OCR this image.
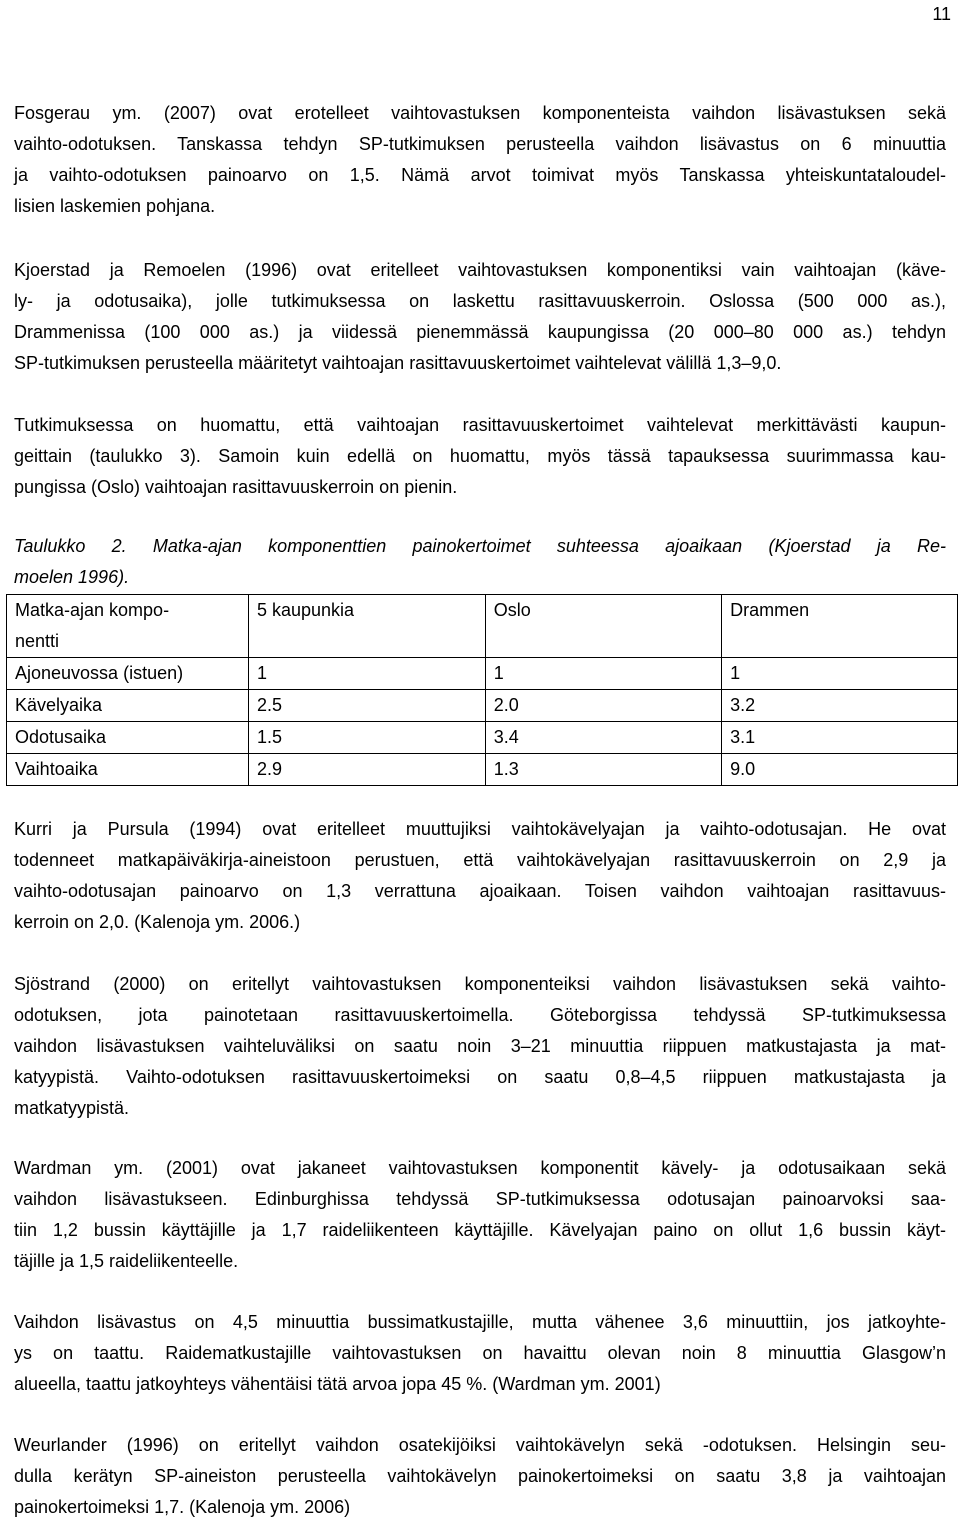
11

Fosgerau ym. (2007) ovat erotelleet vaihtovastuksen komponenteista vaihdon lisävastuksen sekä
vaihto-odotuksen. Tanskassa tehdyn SP-tutkimuksen perusteella vaihdon lisävastus on 6 minuuttia
ja vaihto-odotuksen painoarvo on 1,5. Nämä arvot toimivat myös Tanskassa yhteiskuntataloudel-
lisien laskemien pohjana.

Kjoerstad ja Remoelen (1996) ovat eritelleet vaihtovastuksen komponentiksi vain vaihtoajan (käve-
ly- ja odotusaika), jolle tutkimuksessa on laskettu rasittavuuskerroin. Oslossa (500 000 as.),
Drammenissa (100 000 as.) ja viidessä pienemmässä kaupungissa (20 000–80 000 as.) tehdyn
SP-tutkimuksen perusteella määritetyt vaihtoajan rasittavuuskertoimet vaihtelevat välillä 1,3–9,0.

Tutkimuksessa on huomattu, että vaihtoajan rasittavuuskertoimet vaihtelevat merkittävästi kaupun-
geittain (taulukko 3). Samoin kuin edellä on huomattu, myös tässä tapauksessa suurimmassa kau-
pungissa (Oslo) vaihtoajan rasittavuuskerroin on pienin.

Taulukko 2. Matka-ajan komponenttien painokertoimet suhteessa ajoaikaan (Kjoerstad ja Re-
moelen 1996).

Matka-ajan kompo-
nentti	5 kaupunkia	Oslo	Drammen
Ajoneuvossa (istuen)	1	1	1
Kävelyaika	2.5	2.0	3.2
Odotusaika	1.5	3.4	3.1
Vaihtoaika	2.9	1.3	9.0

Kurri ja Pursula (1994) ovat eritelleet muuttujiksi vaihtokävelyajan ja vaihto-odotusajan. He ovat
todenneet matkapäiväkirja-aineistoon perustuen, että vaihtokävelyajan rasittavuuskerroin on 2,9 ja
vaihto-odotusajan painoarvo on 1,3 verrattuna ajoaikaan. Toisen vaihdon vaihtoajan rasittavuus-
kerroin on 2,0. (Kalenoja ym. 2006.)

Sjöstrand (2000) on eritellyt vaihtovastuksen komponenteiksi vaihdon lisävastuksen sekä vaihto-
odotuksen, jota painotetaan rasittavuuskertoimella. Göteborgissa tehdyssä SP-tutkimuksessa
vaihdon lisävastuksen vaihteluväliksi on saatu noin 3–21 minuuttia riippuen matkustajasta ja mat-
katyypistä. Vaihto-odotuksen rasittavuuskertoimeksi on saatu 0,8–4,5 riippuen matkustajasta ja
matkatyypistä.

Wardman ym. (2001) ovat jakaneet vaihtovastuksen komponentit kävely- ja odotusaikaan sekä
vaihdon lisävastukseen. Edinburghissa tehdyssä SP-tutkimuksessa odotusajan painoarvoksi saa-
tiin 1,2 bussin käyttäjille ja 1,7 raideliikenteen käyttäjille. Kävelyajan paino on ollut 1,6 bussin käyt-
täjille ja 1,5 raideliikenteelle.

Vaihdon lisävastus on 4,5 minuuttia bussimatkustajille, mutta vähenee 3,6 minuuttiin, jos jatkoyhte-
ys on taattu. Raidematkustajille vaihtovastuksen on havaittu olevan noin 8 minuuttia Glasgow’n
alueella, taattu jatkoyhteys vähentäisi tätä arvoa jopa 45 %. (Wardman ym. 2001)

Weurlander (1996) on eritellyt vaihdon osatekijöiksi vaihtokävelyn sekä -odotuksen. Helsingin seu-
dulla kerätyn SP-aineiston perusteella vaihtokävelyn painokertoimeksi on saatu 3,8 ja vaihtoajan
painokertoimeksi 1,7. (Kalenoja ym. 2006)
